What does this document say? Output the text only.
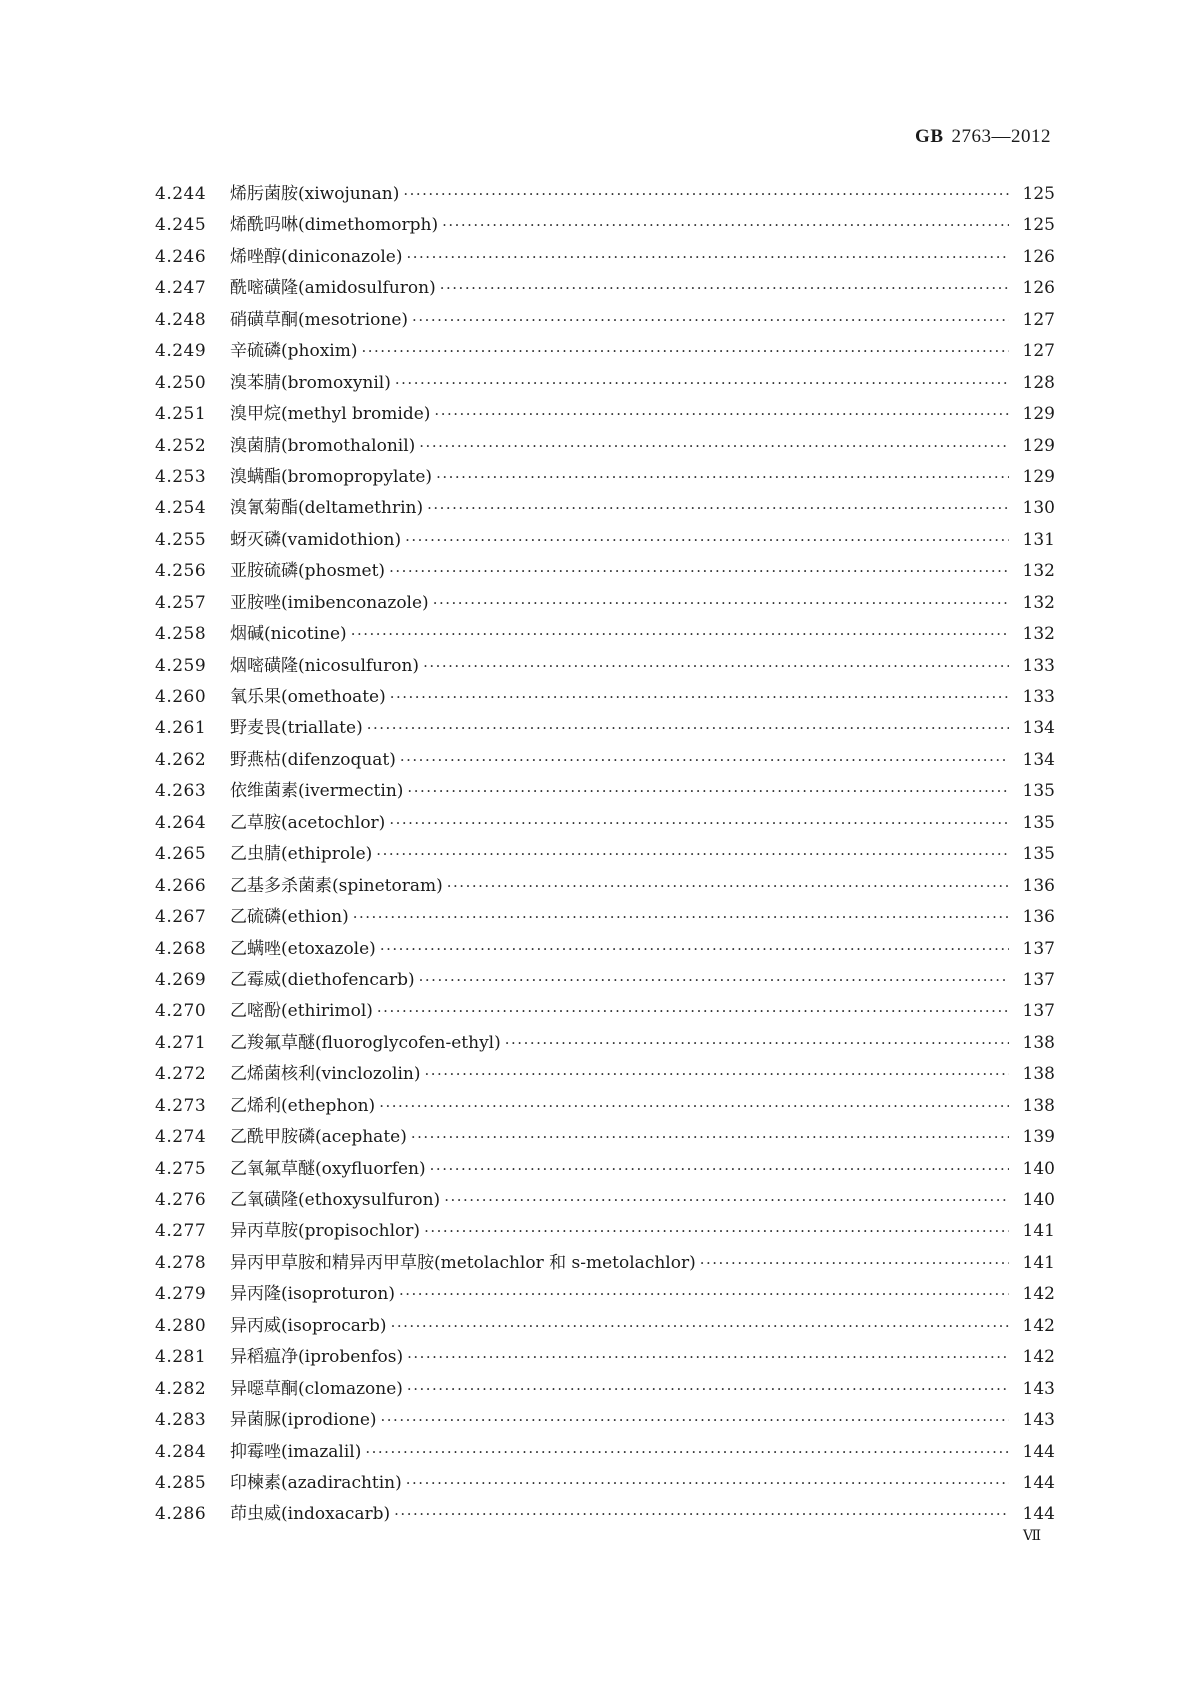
GB 2763—2012
4.244	烯肟菌胺(xiwojunan) ·····	125
4.245	烯酰吗啉(dimethomorph) ·····	125
4.246	烯唑醇(diniconazole) ·····	126
4.247	酰嘧磺隆(amidosulfuron) ·····	126
4.248	硝磺草酮(mesotrione) ·····	127
4.249	辛硫磷(phoxim) ·····	127
4.250	溴苯腈(bromoxynil) ·····	128
4.251	溴甲烷(methyl bromide) ·····	129
4.252	溴菌腈(bromothalonil) ·····	129
4.253	溴螨酯(bromopropylate) ·····	129
4.254	溴氰菊酯(deltamethrin) ·····	130
4.255	蚜灭磷(vamidothion) ·····	131
4.256	亚胺硫磷(phosmet) ·····	132
4.257	亚胺唑(imibenconazole) ·····	132
4.258	烟碱(nicotine) ·····	132
4.259	烟嘧磺隆(nicosulfuron) ·····	133
4.260	氧乐果(omethoate) ·····	133
4.261	野麦畏(triallate) ·····	134
4.262	野燕枯(difenzoquat) ·····	134
4.263	依维菌素(ivermectin) ·····	135
4.264	乙草胺(acetochlor) ·····	135
4.265	乙虫腈(ethiprole) ·····	135
4.266	乙基多杀菌素(spinetoram) ·····	136
4.267	乙硫磷(ethion) ·····	136
4.268	乙螨唑(etoxazole) ·····	137
4.269	乙霉威(diethofencarb) ·····	137
4.270	乙嘧酚(ethirimol) ·····	137
4.271	乙羧氟草醚(fluoroglycofen-ethyl) ·····	138
4.272	乙烯菌核利(vinclozolin) ·····	138
4.273	乙烯利(ethephon) ·····	138
4.274	乙酰甲胺磷(acephate) ·····	139
4.275	乙氧氟草醚(oxyfluorfen) ·····	140
4.276	乙氧磺隆(ethoxysulfuron) ·····	140
4.277	异丙草胺(propisochlor) ·····	141
4.278	异丙甲草胺和精异丙甲草胺(metolachlor 和 s-metolachlor) ·····	141
4.279	异丙隆(isoproturon) ·····	142
4.280	异丙威(isoprocarb) ·····	142
4.281	异稻瘟净(iprobenfos) ·····	142
4.282	异噁草酮(clomazone) ·····	143
4.283	异菌脲(iprodione) ·····	143
4.284	抑霉唑(imazalil) ·····	144
4.285	印楝素(azadirachtin) ·····	144
4.286	茚虫威(indoxacarb) ·····	144
Ⅶ
